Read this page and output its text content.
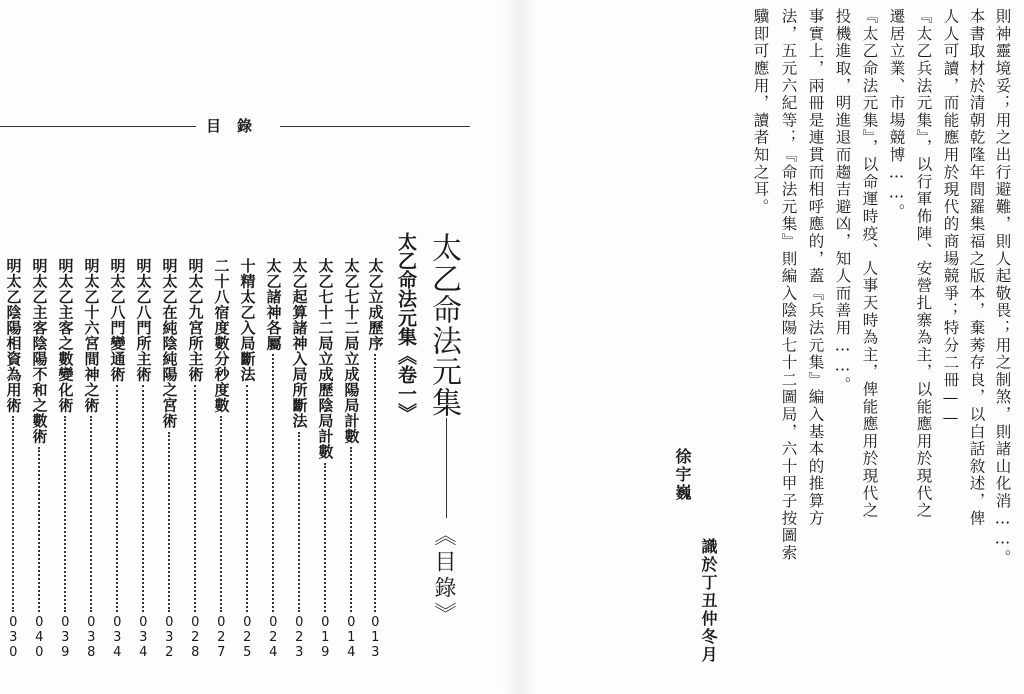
則神靈境妥；用之出行避難，則人起敬畏；用之制煞，則諸山化消……。
本書取材於清朝乾隆年間羅集福之版本，棄莠存良，以白話敘述，俾
人人可讀，而能應用於現代的商場競爭；特分二冊——
『太乙兵法元集』，以行軍佈陣、安營扎寨為主，以能應用於現代之
遷居立業、市場競博……。
『太乙命法元集』，以命運時疫、人事天時為主，俾能應用於現代之
投機進取，明進退而趨吉避凶，知人而善用……。
事實上，兩冊是連貫而相呼應的，蓋『兵法元集』編入基本的推算方
法，五元六紀等；『命法元集』則編入陰陽七十二圖局，六十甲子按圖索
驥即可應用，讀者知之耳。
識於丁丑仲冬月
徐宇巍
目錄
太乙命法元集
《目錄》
太乙命法元集《卷一》
太乙立成歷序
013
太乙七十二局立成陽局計數
014
太乙七十二局立成歷陰局計數
019
太乙起算諸神入局所斷法
023
太乙諸神各屬
024
十精太乙入局斷法
025
二十八宿度數分秒度數
027
明太乙九宮所主術
028
明太乙在純陰純陽之宮術
032
明太乙八門所主術
034
明太乙八門變通術
034
明太乙十六宮間神之術
038
明太乙主客之數變化術
039
明太乙主客陰陽不和之數術
040
明太乙陰陽相資為用術
030
